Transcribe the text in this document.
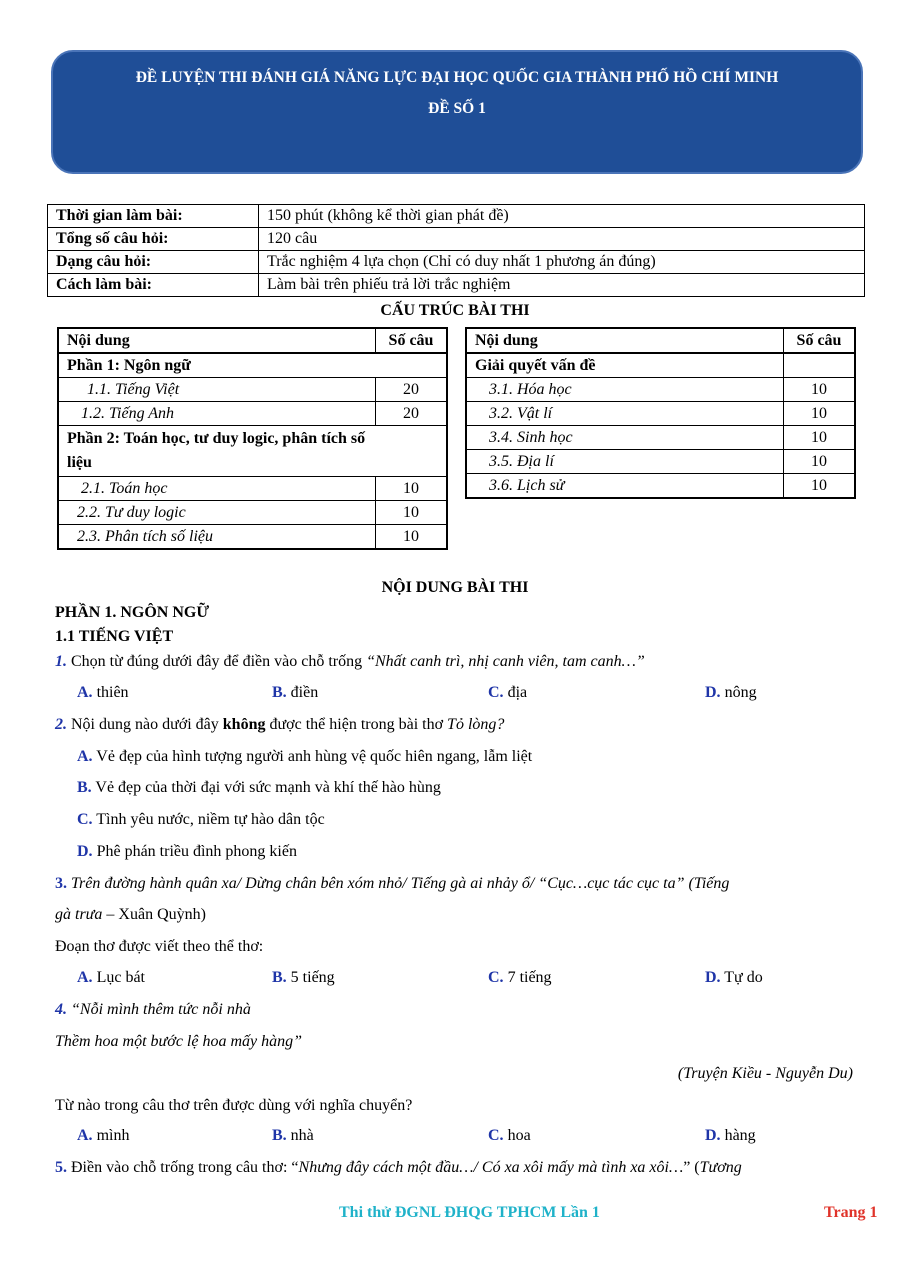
ĐỀ LUYỆN THI ĐÁNH GIÁ NĂNG LỰC ĐẠI HỌC QUỐC GIA THÀNH PHỐ HỒ CHÍ MINH
ĐỀ SỐ 1
Thời gian làm bài:	150 phút (không kể thời gian phát đề)
Tổng số câu hỏi:	120 câu
Dạng câu hỏi:	Trắc nghiệm 4 lựa chọn (Chỉ có duy nhất 1 phương án đúng)
Cách làm bài:	Làm bài trên phiếu trả lời trắc nghiệm
CẤU TRÚC BÀI THI
Nội dung	Số câu
Phần 1: Ngôn ngữ	
1.1. Tiếng Việt	20
1.2. Tiếng Anh	20
Phần 2: Toán học, tư duy logic, phân tích số
liệu	
2.1. Toán học	10
2.2. Tư duy logic	10
2.3. Phân tích số liệu	10
Nội dung	Số câu
Giải quyết vấn đề	
3.1. Hóa học	10
3.2. Vật lí	10
3.4. Sinh học	10
3.5. Địa lí	10
3.6. Lịch sử	10
NỘI DUNG BÀI THI
PHẦN 1. NGÔN NGỮ
1.1 TIẾNG VIỆT
1. Chọn từ đúng dưới đây để điền vào chỗ trống “Nhất canh trì, nhị canh viên, tam canh…”
A. thiên	B. điền	C. địa	D. nông
2. Nội dung nào dưới đây không được thể hiện trong bài thơ Tỏ lòng?
A. Vẻ đẹp của hình tượng người anh hùng vệ quốc hiên ngang, lẫm liệt
B. Vẻ đẹp của thời đại với sức mạnh và khí thế hào hùng
C. Tình yêu nước, niềm tự hào dân tộc
D. Phê phán triều đình phong kiến
3. Trên đường hành quân xa/ Dừng chân bên xóm nhỏ/ Tiếng gà ai nhảy ổ/ “Cục…cục tác cục ta” (Tiếng
gà trưa – Xuân Quỳnh)
Đoạn thơ được viết theo thể thơ:
A. Lục bát	B. 5 tiếng	C. 7 tiếng	D. Tự do
4. “Nỗi mình thêm tức nỗi nhà
Thềm hoa một bước lệ hoa mấy hàng”
(Truyện Kiều - Nguyễn Du)
Từ nào trong câu thơ trên được dùng với nghĩa chuyển?
A. mình	B. nhà	C. hoa	D. hàng
5. Điền vào chỗ trống trong câu thơ: “Nhưng đây cách một đầu…/ Có xa xôi mấy mà tình xa xôi…” (Tương
Thi thử ĐGNL ĐHQG TPHCM Lần 1	Trang 1
